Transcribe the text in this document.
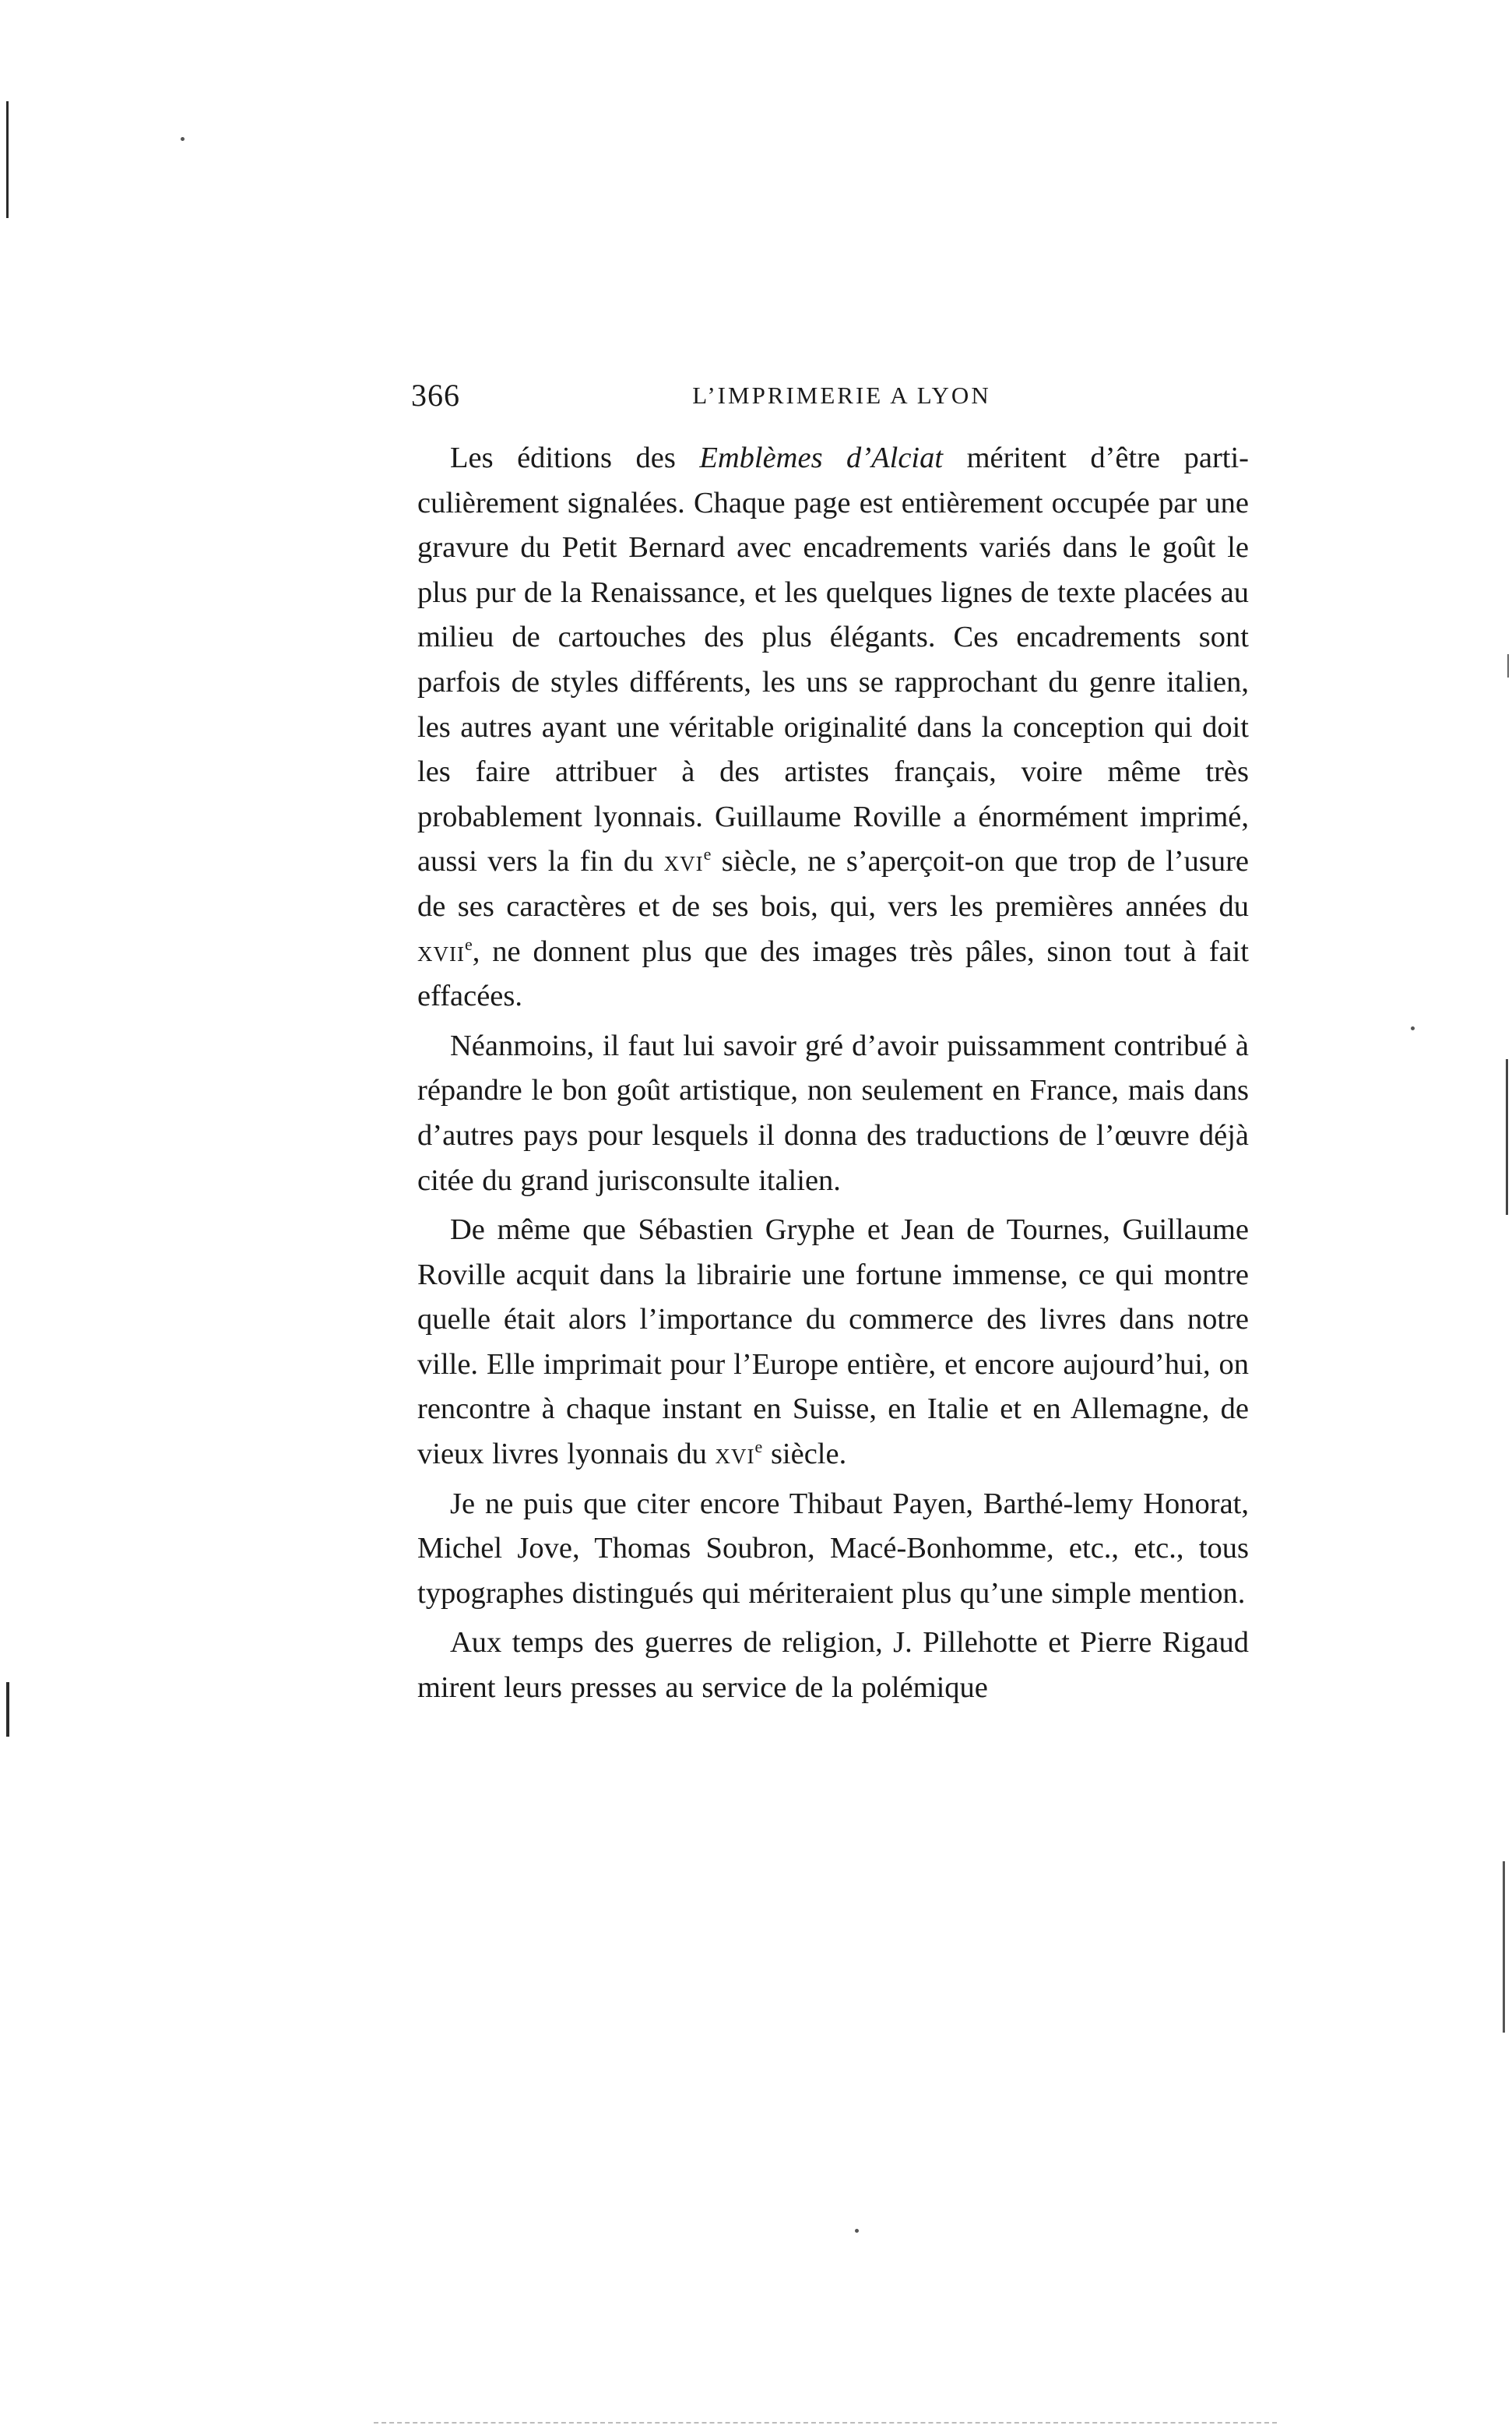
366	L’IMPRIMERIE A LYON

Les éditions des Emblèmes d’Alciat méritent d’être parti-culièrement signalées. Chaque page est entièrement occupée par une gravure du Petit Bernard avec encadrements variés dans le goût le plus pur de la Renaissance, et les quelques lignes de texte placées au milieu de cartouches des plus élégants. Ces encadrements sont parfois de styles différents, les uns se rapprochant du genre italien, les autres ayant une véritable originalité dans la conception qui doit les faire attribuer à des artistes français, voire même très probablement lyonnais. Guillaume Roville a énormément imprimé, aussi vers la fin du xvi$^e$ siècle, ne s’aperçoit-on que trop de l’usure de ses caractères et de ses bois, qui, vers les premières années du xvii$^e$, ne donnent plus que des images très pâles, sinon tout à fait effacées.

Néanmoins, il faut lui savoir gré d’avoir puissamment contribué à répandre le bon goût artistique, non seulement en France, mais dans d’autres pays pour lesquels il donna des traductions de l’œuvre déjà citée du grand jurisconsulte italien.

De même que Sébastien Gryphe et Jean de Tournes, Guillaume Roville acquit dans la librairie une fortune immense, ce qui montre quelle était alors l’importance du commerce des livres dans notre ville. Elle imprimait pour l’Europe entière, et encore aujourd’hui, on rencontre à chaque instant en Suisse, en Italie et en Allemagne, de vieux livres lyonnais du xvi$^e$ siècle.

Je ne puis que citer encore Thibaut Payen, Barthé-lemy Honorat, Michel Jove, Thomas Soubron, Macé-Bonhomme, etc., etc., tous typographes distingués qui mériteraient plus qu’une simple mention.

Aux temps des guerres de religion, J. Pillehotte et Pierre Rigaud mirent leurs presses au service de la polémique
